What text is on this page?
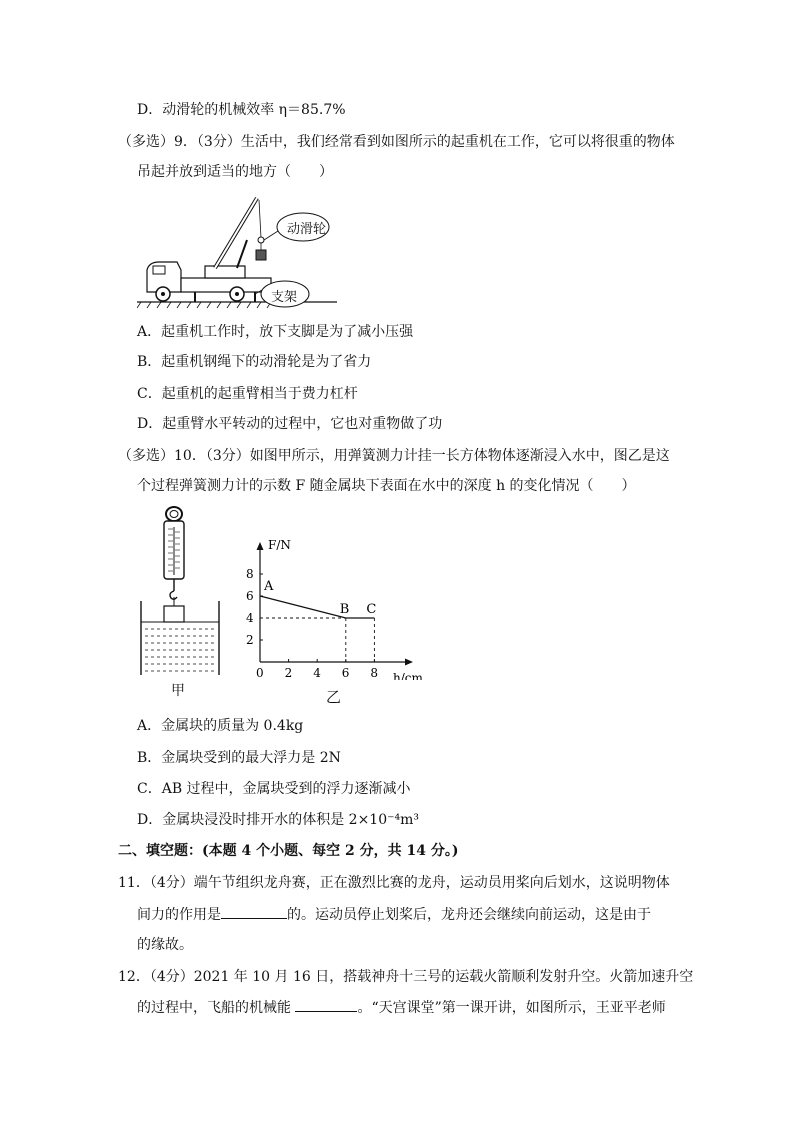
D．动滑轮的机械效率 η＝85.7%
（多选）9．（3分）生活中，我们经常看到如图所示的起重机在工作，它可以将很重的物体
吊起并放到适当的地方（　　）
动滑轮
支架
A．起重机工作时，放下支脚是为了减小压强
B．起重机钢绳下的动滑轮是为了省力
C．起重机的起重臂相当于费力杠杆
D．起重臂水平转动的过程中，它也对重物做了功
（多选）10．（3分）如图甲所示，用弹簧测力计挂一长方体物体逐渐浸入水中，图乙是这
个过程弹簧测力计的示数 F 随金属块下表面在水中的深度 h 的变化情况（　　）
甲
F/N
0 2 4 6 8
2
4
6
8
A
B C
h/cm
乙
A．金属块的质量为 0.4kg
B．金属块受到的最大浮力是 2N
C．AB 过程中，金属块受到的浮力逐渐减小
D．金属块浸没时排开水的体积是 2×10⁻⁴m³
二、填空题：(本题 4 个小题、每空 2 分，共 14 分。)
11．（4分）端午节组织龙舟赛，正在激烈比赛的龙舟，运动员用桨向后划水，这说明物体
间力的作用是	的。运动员停止划桨后，龙舟还会继续向前运动，这是由于
的缘故。
12．（4分）2021 年 10 月 16 日，搭载神舟十三号的运载火箭顺利发射升空。火箭加速升空
的过程中，飞船的机械能	。“天宫课堂”第一课开讲，如图所示，王亚平老师
